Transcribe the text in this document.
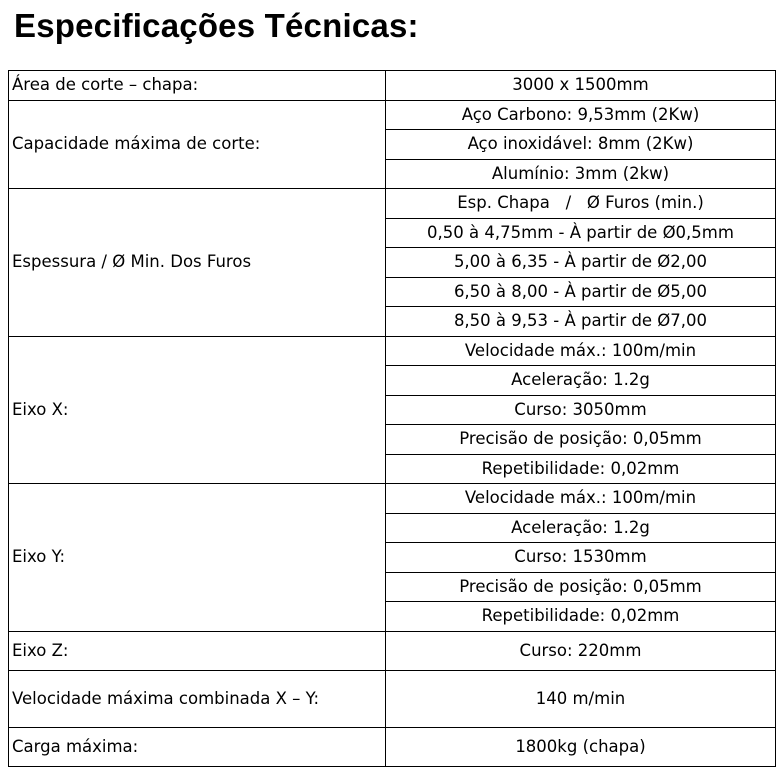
Especificações Técnicas:
Área de corte – chapa:	3000 x 1500mm
Capacidade máxima de corte:	Aço Carbono: 9,53mm (2Kw)
	Aço inoxidável: 8mm (2Kw)
	Alumínio: 3mm (2kw)
Espessura / Ø Min. Dos Furos	Esp. Chapa   /   Ø Furos (min.)
	0,50 à 4,75mm - À partir de Ø0,5mm
	5,00 à 6,35 - À partir de Ø2,00
	6,50 à 8,00 - À partir de Ø5,00
	8,50 à 9,53 - À partir de Ø7,00
Eixo X:	Velocidade máx.: 100m/min
	Aceleração: 1.2g
	Curso: 3050mm
	Precisão de posição: 0,05mm
	Repetibilidade: 0,02mm
Eixo Y:	Velocidade máx.: 100m/min
	Aceleração: 1.2g
	Curso: 1530mm
	Precisão de posição: 0,05mm
	Repetibilidade: 0,02mm
Eixo Z:	Curso: 220mm
Velocidade máxima combinada X – Y:	140 m/min
Carga máxima:	1800kg (chapa)
